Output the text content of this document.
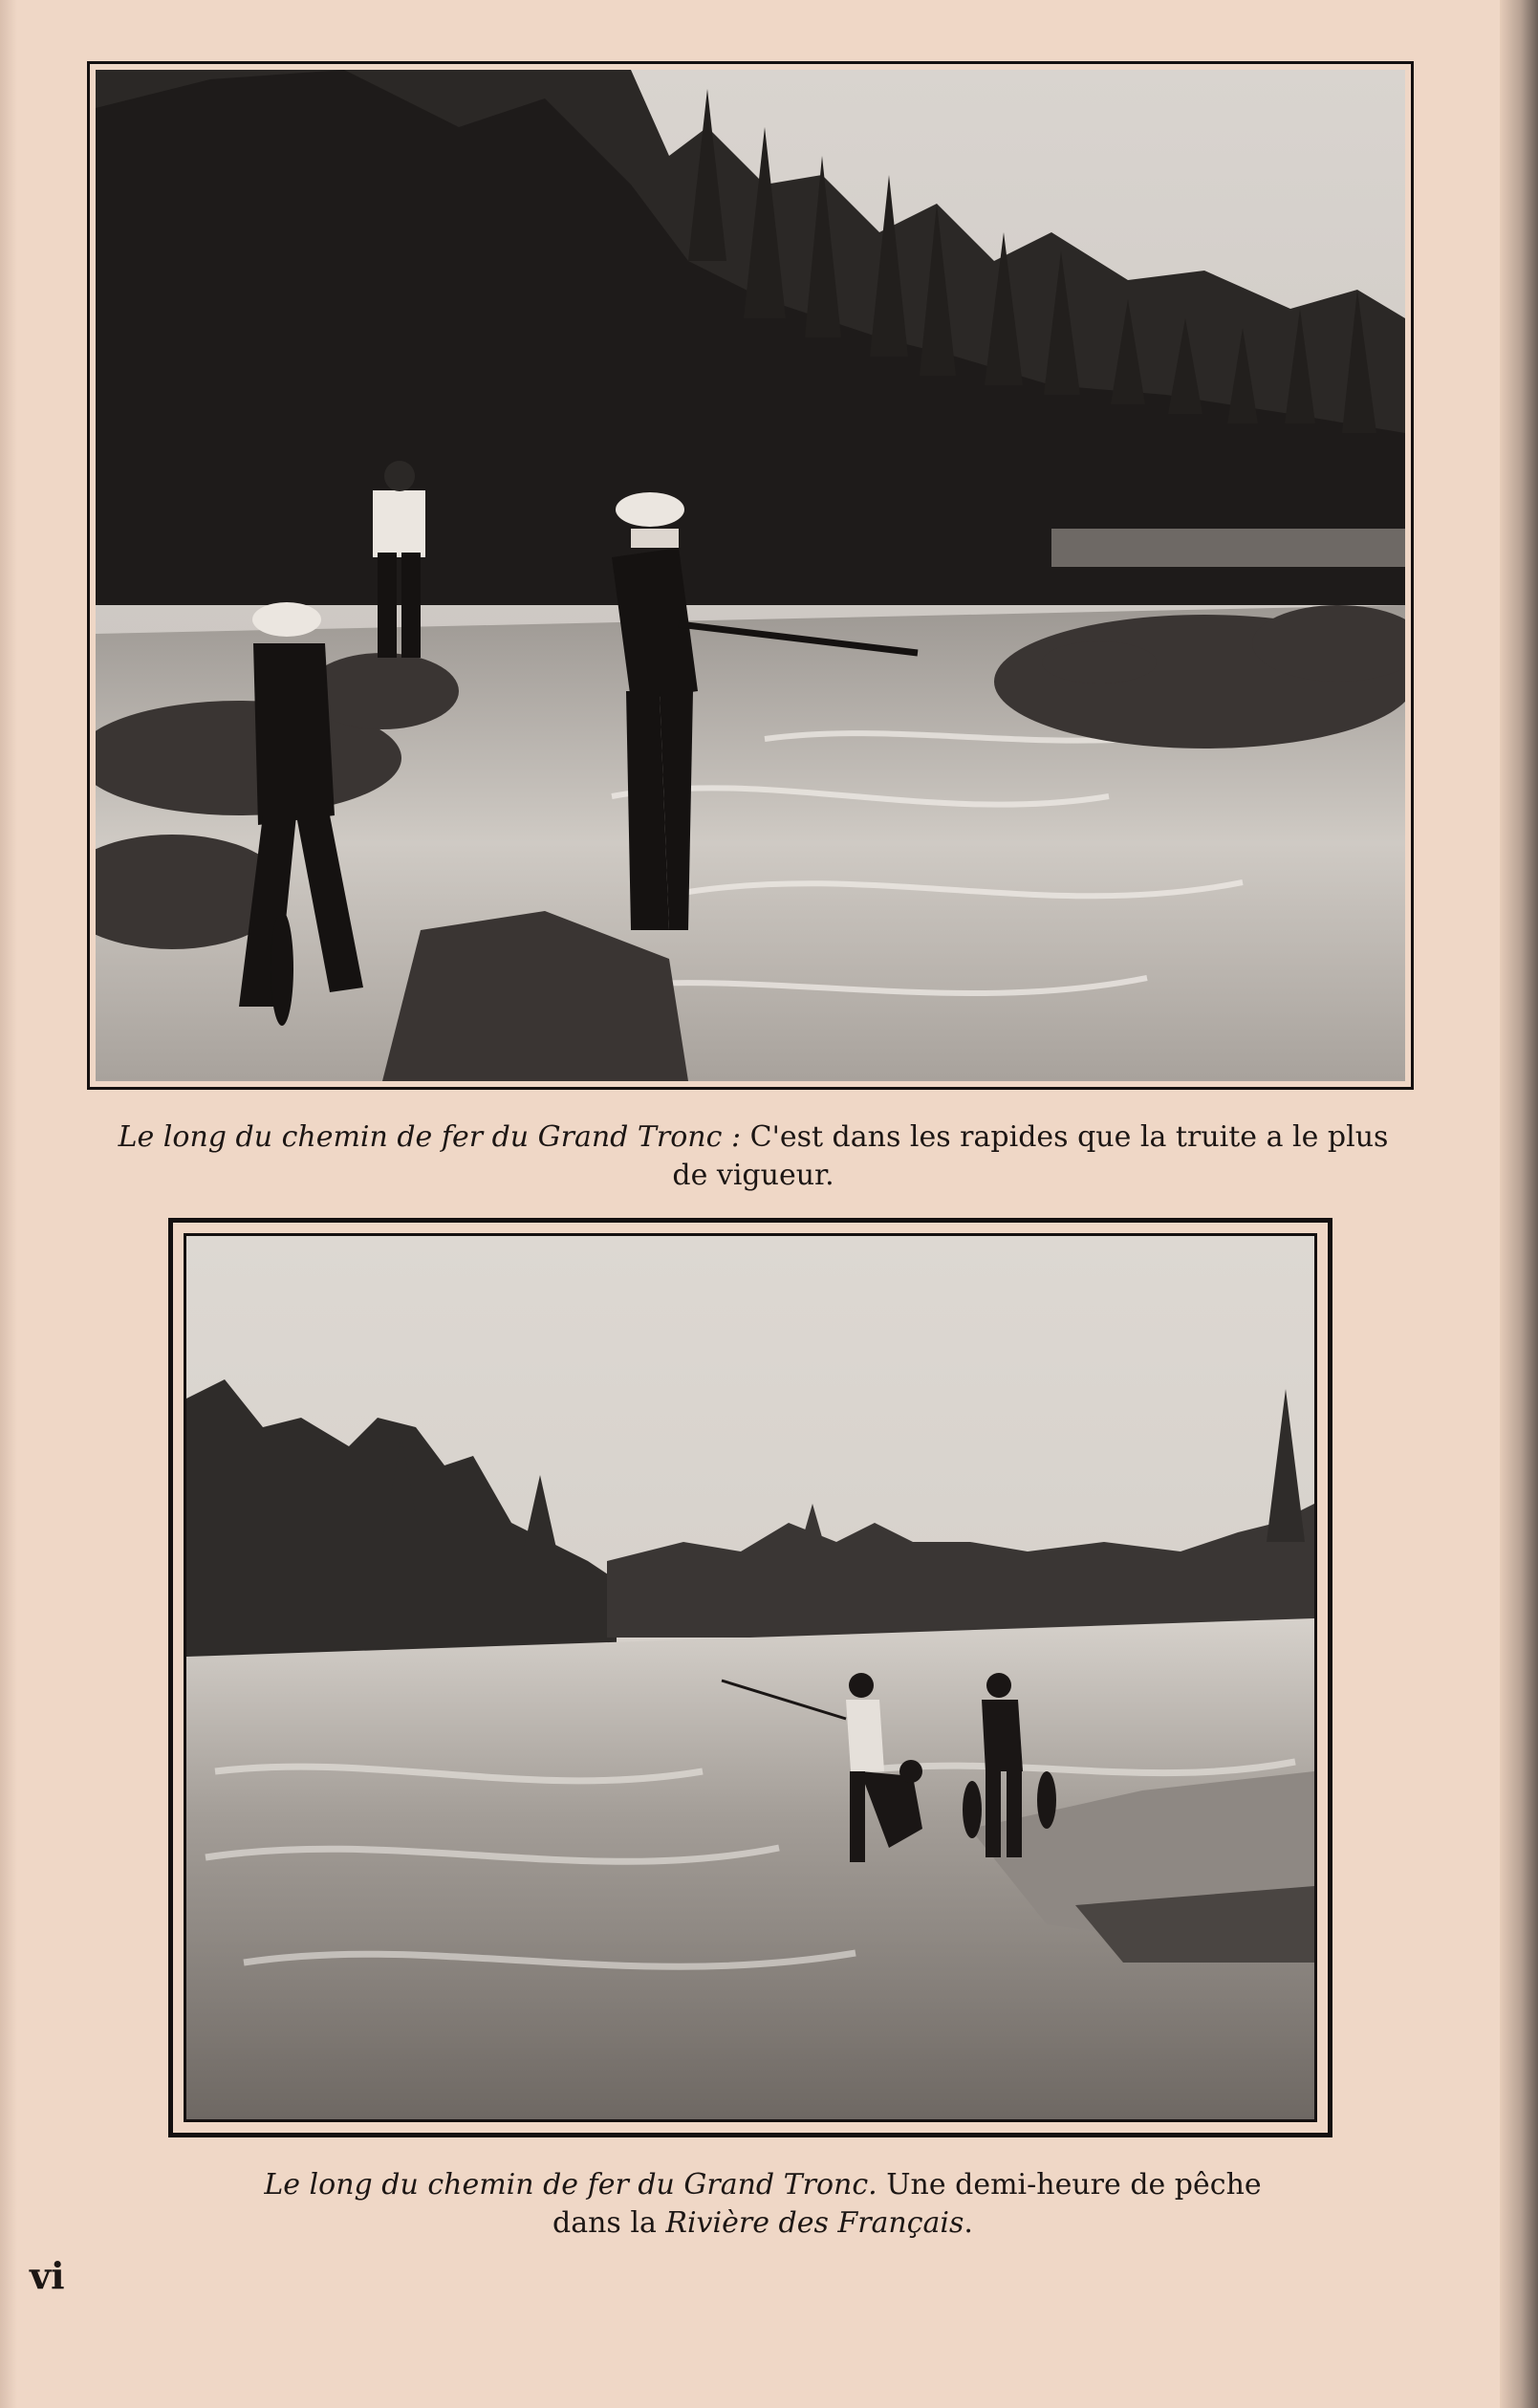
Le long du chemin de fer du Grand Tronc : C'est dans les rapides que la truite a le plus
de vigueur.
Le long du chemin de fer du Grand Tronc. Une demi-heure de pêche
dans la Rivière des Français.
vi
